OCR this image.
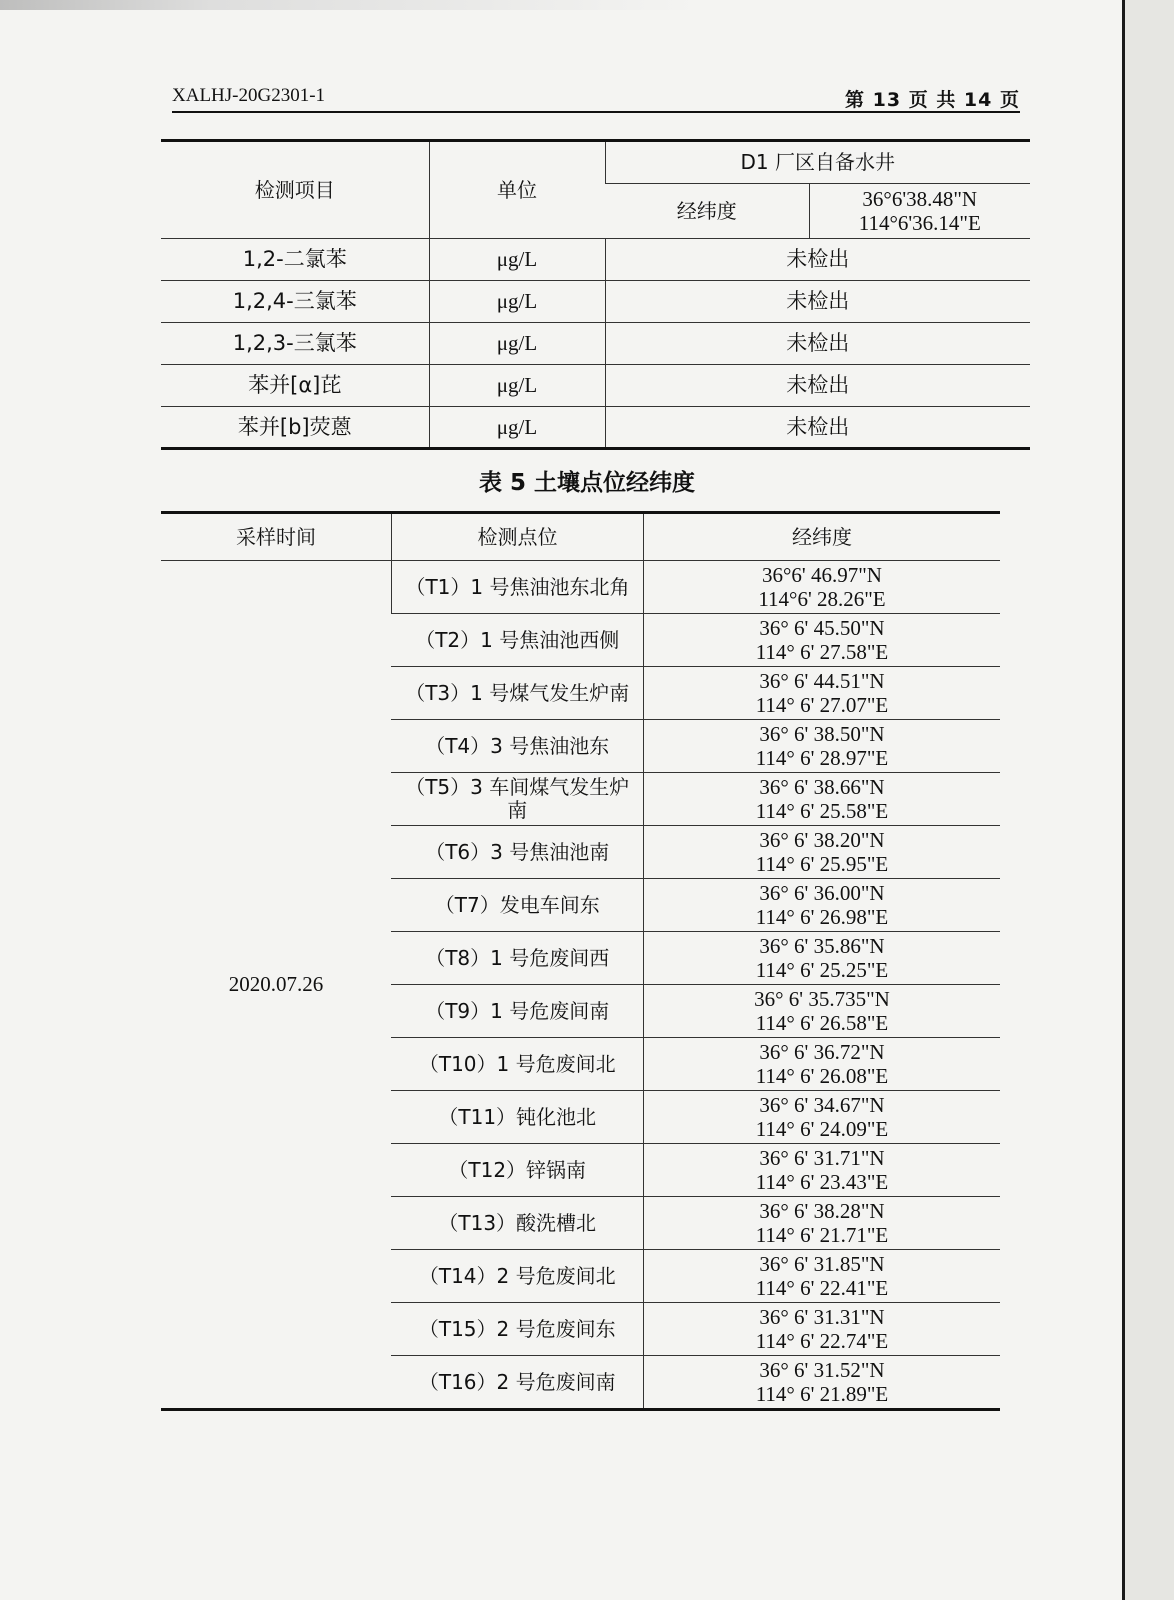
XALHJ-20G2301-1	第 13 页 共 14 页
检测项目	单位	D1 厂区自备水井	
		经纬度	36°6'38.48"N
114°6'36.14"E

1,2-二氯苯	μg/L	未检出	
1,2,4-三氯苯	μg/L	未检出	
1,2,3-三氯苯	μg/L	未检出	
苯并[α]芘	μg/L	未检出	
苯并[b]荧蒽	μg/L	未检出	
表 5 土壤点位经纬度
采样时间	检测点位	经纬度
2020.07.26	（T1）1 号焦油池东北角	36°6' 46.97"N
114°6' 28.26"E

	（T2）1 号焦油池西侧	36° 6' 45.50"N
114° 6' 27.58"E

	（T3）1 号煤气发生炉南	36° 6' 44.51"N
114° 6' 27.07"E

	（T4）3 号焦油池东	36° 6' 38.50"N
114° 6' 28.97"E

	（T5）3 车间煤气发生炉南	36° 6' 38.66"N
114° 6' 25.58"E

	（T6）3 号焦油池南	36° 6' 38.20"N
114° 6' 25.95"E

	（T7）发电车间东	36° 6' 36.00"N
114° 6' 26.98"E

	（T8）1 号危废间西	36° 6' 35.86"N
114° 6' 25.25"E

	（T9）1 号危废间南	36° 6' 35.735"N
114° 6' 26.58"E

	（T10）1 号危废间北	36° 6' 36.72"N
114° 6' 26.08"E

	（T11）钝化池北	36° 6' 34.67"N
114° 6' 24.09"E

	（T12）锌锅南	36° 6' 31.71"N
114° 6' 23.43"E

	（T13）酸洗槽北	36° 6' 38.28"N
114° 6' 21.71"E

	（T14）2 号危废间北	36° 6' 31.85"N
114° 6' 22.41"E

	（T15）2 号危废间东	36° 6' 31.31"N
114° 6' 22.74"E

	（T16）2 号危废间南	36° 6' 31.52"N
114° 6' 21.89"E
